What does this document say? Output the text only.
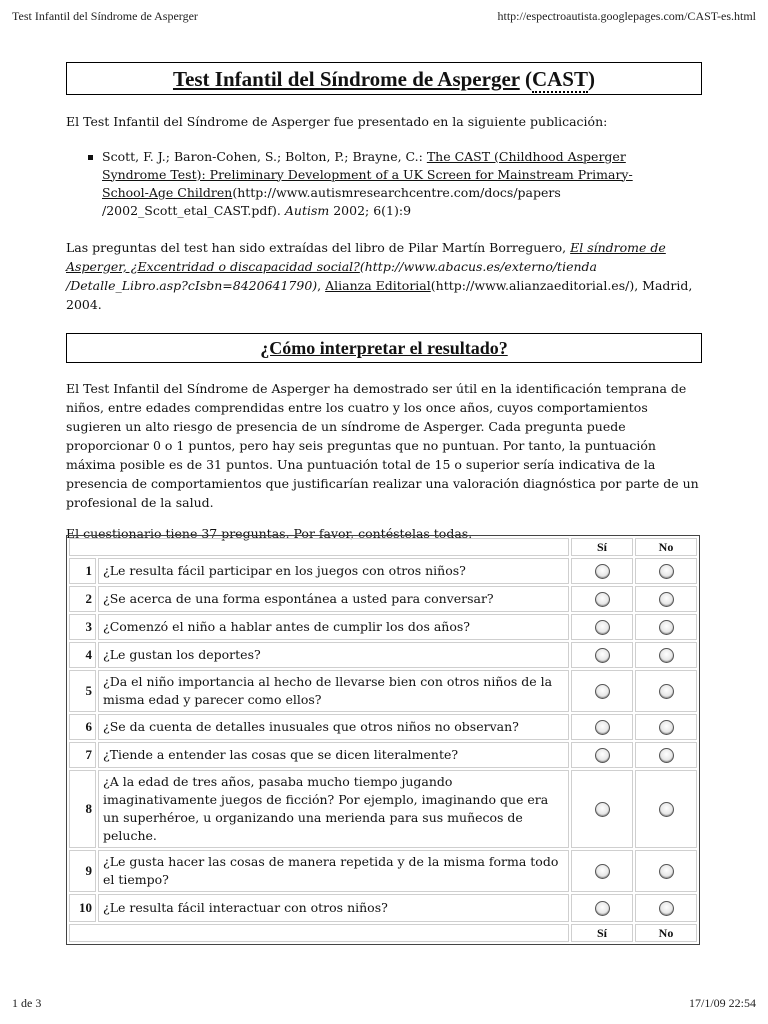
Test Infantil del Síndrome de Asperger	http://espectroautista.googlepages.com/CAST-es.html
Test Infantil del Síndrome de Asperger (CAST)

El Test Infantil del Síndrome de Asperger fue presentado en la siguiente publicación:

Scott, F. J.; Baron-Cohen, S.; Bolton, P.; Brayne, C.: The CAST (Childhood Asperger Syndrome Test): Preliminary Development of a UK Screen for Mainstream Primary-School-Age Children(http://www.autismresearchcentre.com/docs/papers /2002_Scott_etal_CAST.pdf). Autism 2002; 6(1):9

Las preguntas del test han sido extraídas del libro de Pilar Martín Borreguero, El síndrome de Asperger, ¿Excentridad o discapacidad social?(http://www.abacus.es/externo/tienda /Detalle_Libro.asp?cIsbn=8420641790), Alianza Editorial(http://www.alianzaeditorial.es/), Madrid, 2004.

¿Cómo interpretar el resultado?

El Test Infantil del Síndrome de Asperger ha demostrado ser útil en la identificación temprana de niños, entre edades comprendidas entre los cuatro y los once años, cuyos comportamientos sugieren un alto riesgo de presencia de un síndrome de Asperger. Cada pregunta puede proporcionar 0 o 1 puntos, pero hay seis preguntas que no puntuan. Por tanto, la puntuación máxima posible es de 31 puntos. Una puntuación total de 15 o superior sería indicativa de la presencia de comportamientos que justificarían realizar una valoración diagnóstica por parte de un profesional de la salud.

El cuestionario tiene 37 preguntas. Por favor, contéstelas todas.

		Sí	No
1	¿Le resulta fácil participar en los juegos con otros niños?		
2	¿Se acerca de una forma espontánea a usted para conversar?		
3	¿Comenzó el niño a hablar antes de cumplir los dos años?		
4	¿Le gustan los deportes?		
5	¿Da el niño importancia al hecho de llevarse bien con otros niños de la misma edad y parecer como ellos?		
6	¿Se da cuenta de detalles inusuales que otros niños no observan?		
7	¿Tiende a entender las cosas que se dicen literalmente?		
8	¿A la edad de tres años, pasaba mucho tiempo jugando imaginativamente juegos de ficción? Por ejemplo, imaginando que era un superhéroe, u organizando una merienda para sus muñecos de peluche.		
9	¿Le gusta hacer las cosas de manera repetida y de la misma forma todo el tiempo?		
10	¿Le resulta fácil interactuar con otros niños?		
		Sí	No
1 de 3	17/1/09 22:54
